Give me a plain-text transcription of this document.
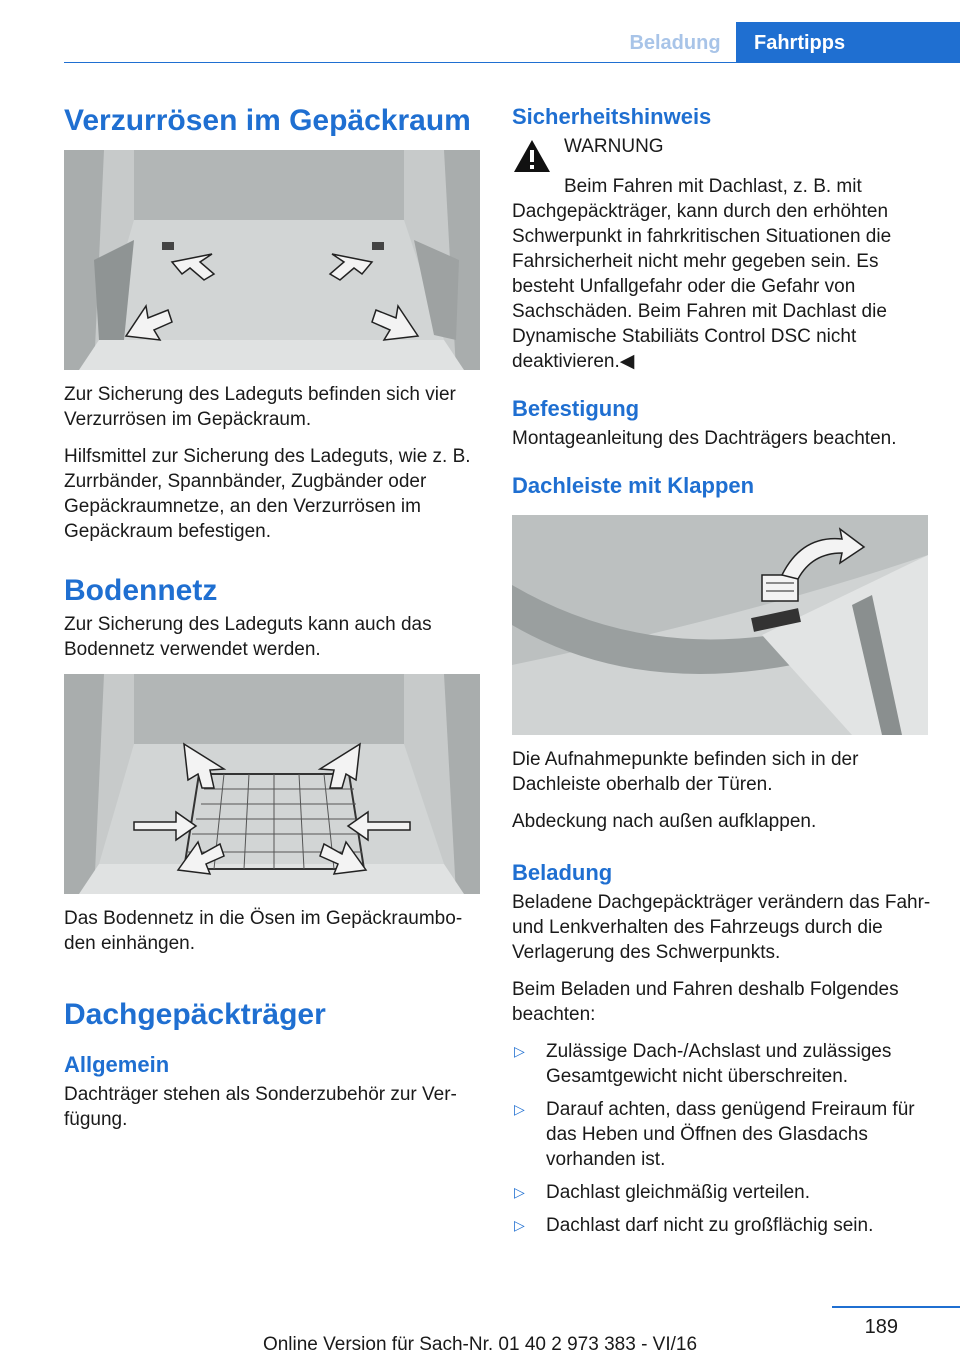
Beladung	Fahrtipps
Verzurrösen im Gepäckraum

Zur Sicherung des Ladeguts befinden sich vier Verzurrösen im Gepäckraum.

Hilfsmittel zur Sicherung des Ladeguts, wie z. B. Zurrbänder, Spannbänder, Zugbänder oder Gepäckraumnetze, an den Verzurrösen im Gepäckraum befestigen.

Bodennetz

Zur Sicherung des Ladeguts kann auch das Bodennetz verwendet werden.

Das Bodennetz in die Ösen im Gepäckraumbo-den einhängen.

Dachgepäckträger
Allgemein

Dachträger stehen als Sonderzubehör zur Ver-fügung.

Sicherheitshinweis

WARNUNG

Beim Fahren mit Dachlast, z. B. mit Dachgepäckträger, kann durch den erhöhten Schwerpunkt in fahrkritischen Situationen die Fahrsicherheit nicht mehr gegeben sein. Es besteht Unfallgefahr oder die Gefahr von Sachschäden. Beim Fahren mit Dachlast die Dynamische Stabiliäts Control DSC nicht deaktivieren.◀

Befestigung

Montageanleitung des Dachträgers beachten.

Dachleiste mit Klappen

Die Aufnahmepunkte befinden sich in der Dachleiste oberhalb der Türen.

Abdeckung nach außen aufklappen.

Beladung

Beladene Dachgepäckträger verändern das Fahr- und Lenkverhalten des Fahrzeugs durch die Verlagerung des Schwerpunkts.

Beim Beladen und Fahren deshalb Folgendes beachten:

▷ Zulässige Dach-/Achslast und zulässiges Gesamtgewicht nicht überschreiten.
▷ Darauf achten, dass genügend Freiraum für das Heben und Öffnen des Glasdachs vorhanden ist.
▷ Dachlast gleichmäßig verteilen.
▷ Dachlast darf nicht zu großflächig sein.
189
Online Version für Sach-Nr. 01 40 2 973 383 - VI/16
